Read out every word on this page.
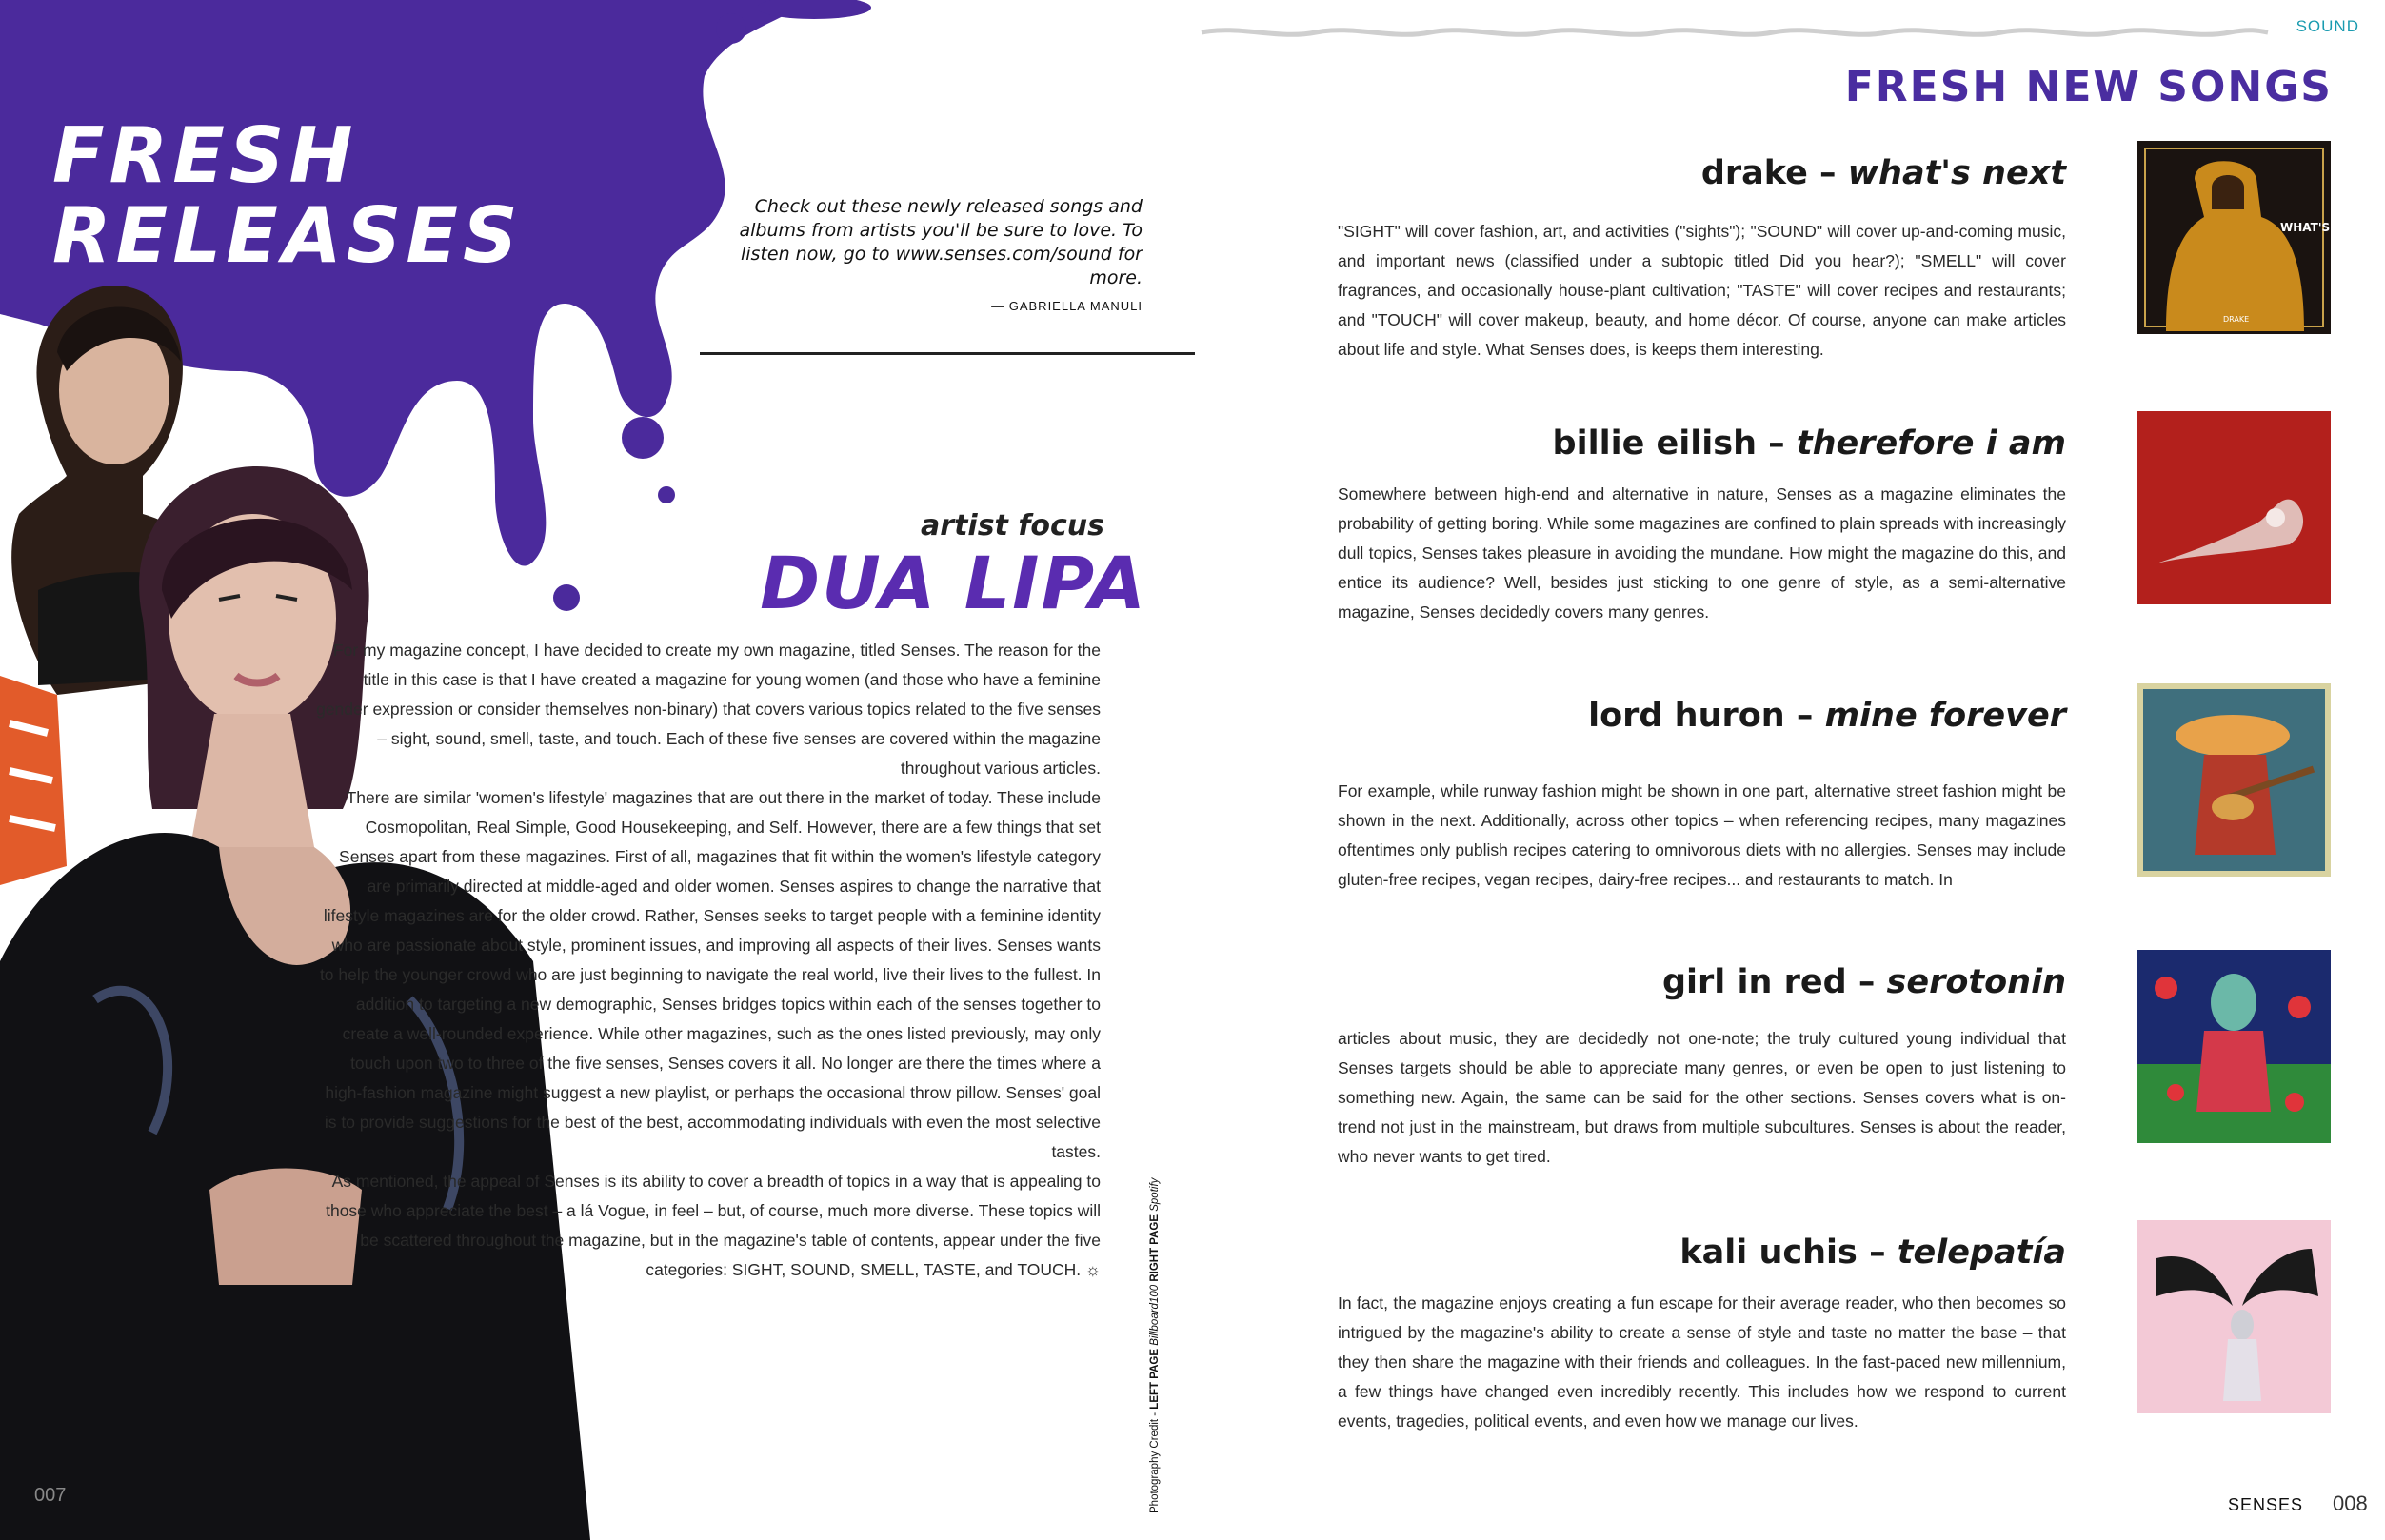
FRESH
RELEASES	Check out these newly released songs and albums from artists you'll be sure to love. To listen now, go to www.senses.com/sound for more.
— GABRIELLA MANULI
artist focus
DUA LIPA

For my magazine concept, I have decided to create my own magazine, titled Senses. The reason for the title in this case is that I have created a magazine for young women (and those who have a feminine gender expression or consider themselves non-binary) that covers various topics related to the five senses – sight, sound, smell, taste, and touch. Each of these five senses are covered within the magazine throughout various articles.

There are similar 'women's lifestyle' magazines that are out there in the market of today. These include Cosmopolitan, Real Simple, Good Housekeeping, and Self. However, there are a few things that set Senses apart from these magazines. First of all, magazines that fit within the women's lifestyle category are primarily directed at middle-aged and older women. Senses aspires to change the narrative that lifestyle magazines are for the older crowd. Rather, Senses seeks to target people with a feminine identity who are passionate about style, prominent issues, and improving all aspects of their lives. Senses wants to help the younger crowd who are just beginning to navigate the real world, live their lives to the fullest. In addition to targeting a new demographic, Senses bridges topics within each of the senses together to create a well-rounded experience. While other magazines, such as the ones listed previously, may only touch upon two to three of the five senses, Senses covers it all. No longer are there the times where a high-fashion magazine might suggest a new playlist, or perhaps the occasional throw pillow. Senses' goal is to provide suggestions for the best of the best, accommodating individuals with even the most selective tastes.

As mentioned, the appeal of Senses is its ability to cover a breadth of topics in a way that is appealing to those who appreciate the best – a lá Vogue, in feel – but, of course, much more diverse. These topics will be scattered throughout the magazine, but in the magazine's table of contents, appear under the five categories: SIGHT, SOUND, SMELL, TASTE, and TOUCH. ☼

Photography Credit - LEFT PAGE Billboard100 RIGHT PAGE Spotify
007
SOUND
FRESH NEW SONGS
drake – what's next
"SIGHT" will cover fashion, art, and activities ("sights"); "SOUND" will cover up-and-coming music, and important news (classified under a subtopic titled Did you hear?); "SMELL" will cover fragrances, and occasionally house-plant cultivation; "TASTE" will cover recipes and restaurants; and "TOUCH" will cover makeup, beauty, and home décor. Of course, anyone can make articles about life and style. What Senses does, is keeps them interesting.
WHAT'S NEXT
DRAKE
billie eilish – therefore i am
Somewhere between high-end and alternative in nature, Senses as a magazine eliminates the probability of getting boring. While some magazines are confined to plain spreads with increasingly dull topics, Senses takes pleasure in avoiding the mundane. How might the magazine do this, and entice its audience? Well, besides just sticking to one genre of style, as a semi-alternative magazine, Senses decidedly covers many genres.
lord huron – mine forever
For example, while runway fashion might be shown in one part, alternative street fashion might be shown in the next. Additionally, across other topics – when referencing recipes, many magazines oftentimes only publish recipes catering to omnivorous diets with no allergies. Senses may include gluten-free recipes, vegan recipes, dairy-free recipes... and restaurants to match. In
girl in red – serotonin
articles about music, they are decidedly not one-note; the truly cultured young individual that Senses targets should be able to appreciate many genres, or even be open to just listening to something new. Again, the same can be said for the other sections. Senses covers what is on-trend not just in the mainstream, but draws from multiple subcultures. Senses is about the reader, who never wants to get tired.
kali uchis – telepatía
In fact, the magazine enjoys creating a fun escape for their average reader, who then becomes so intrigued by the magazine's ability to create a sense of style and taste no matter the base – that they then share the magazine with their friends and colleagues. In the fast-paced new millennium, a few things have changed even incredibly recently. This includes how we respond to current events, tragedies, political events, and even how we manage our lives.
SENSES 008
